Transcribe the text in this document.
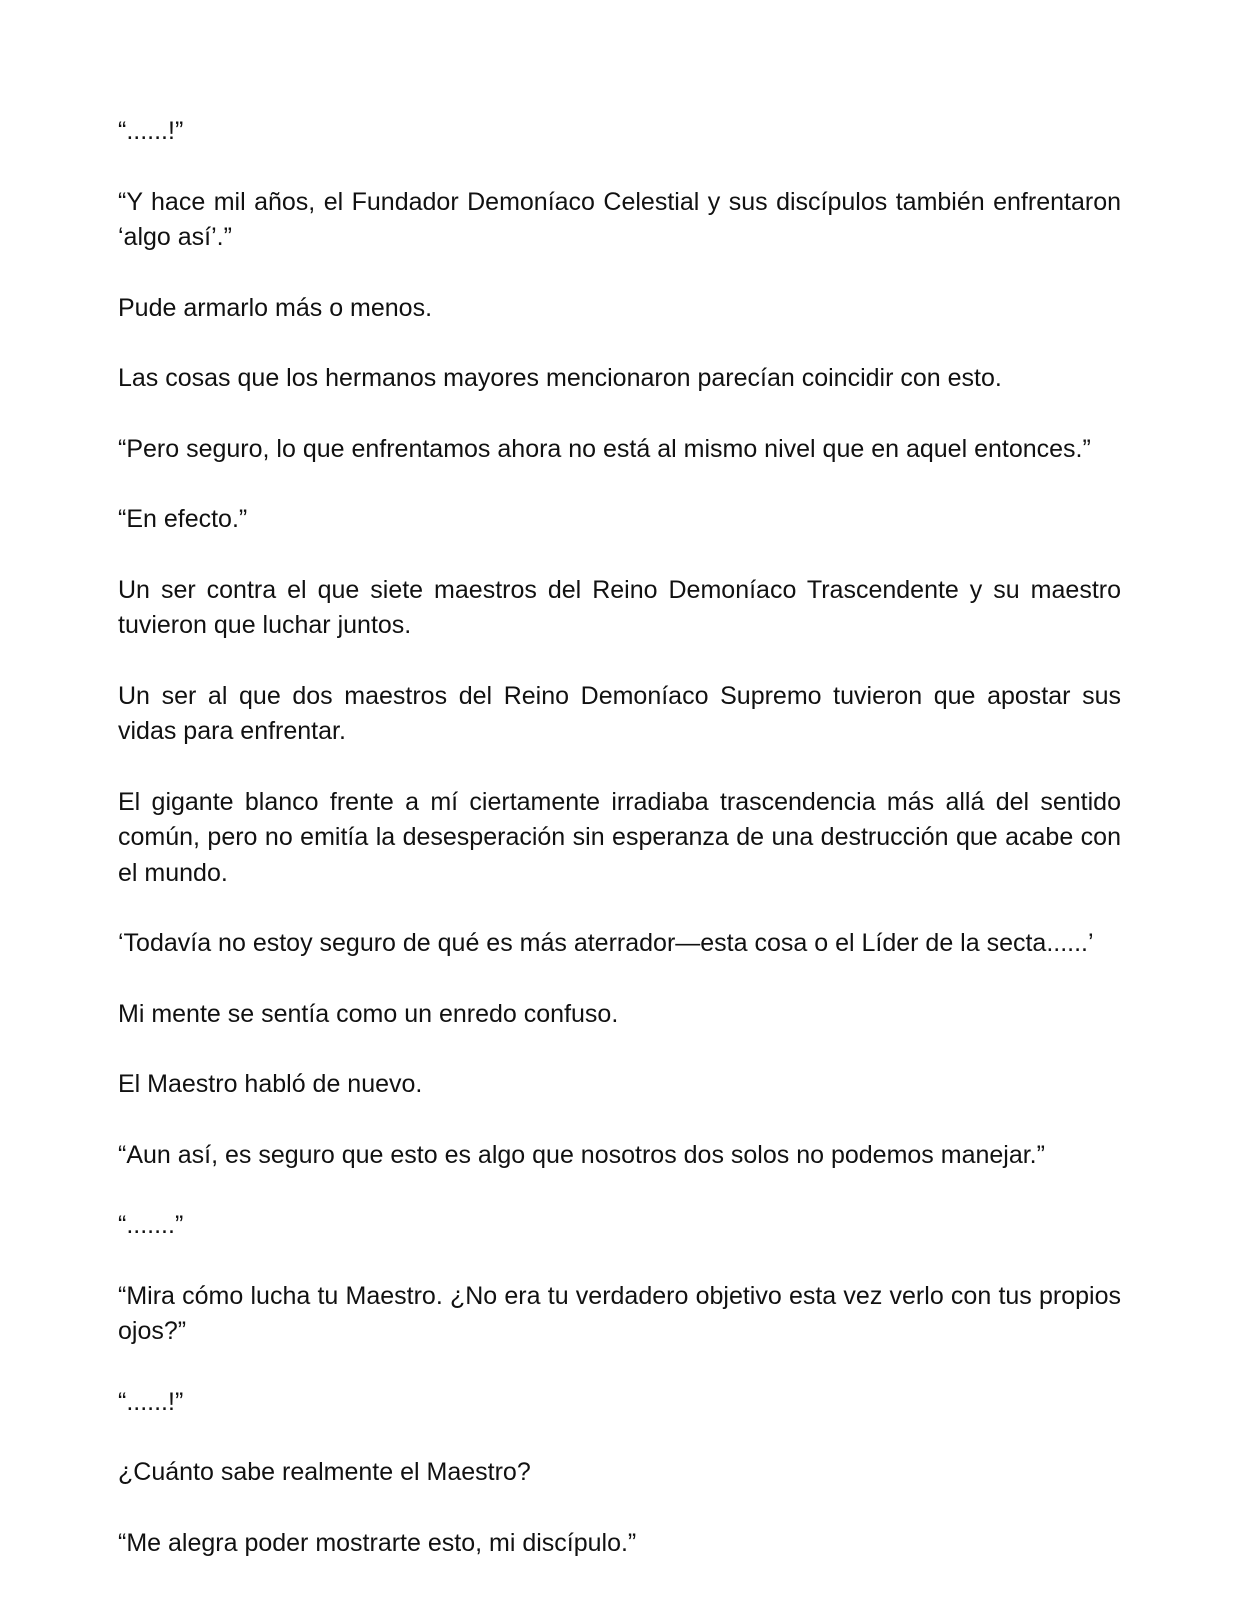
“......!”

“Y hace mil años, el Fundador Demoníaco Celestial y sus discípulos también enfrentaron ‘algo así’.”

Pude armarlo más o menos.

Las cosas que los hermanos mayores mencionaron parecían coincidir con esto.

“Pero seguro, lo que enfrentamos ahora no está al mismo nivel que en aquel entonces.”

“En efecto.”

Un ser contra el que siete maestros del Reino Demoníaco Trascendente y su maestro tuvieron que luchar juntos.

Un ser al que dos maestros del Reino Demoníaco Supremo tuvieron que apostar sus vidas para enfrentar.

El gigante blanco frente a mí ciertamente irradiaba trascendencia más allá del sentido común, pero no emitía la desesperación sin esperanza de una destrucción que acabe con el mundo.

‘Todavía no estoy seguro de qué es más aterrador—esta cosa o el Líder de la secta......’

Mi mente se sentía como un enredo confuso.

El Maestro habló de nuevo.

“Aun así, es seguro que esto es algo que nosotros dos solos no podemos manejar.”

“.......”

“Mira cómo lucha tu Maestro. ¿No era tu verdadero objetivo esta vez verlo con tus propios ojos?”

“......!”

¿Cuánto sabe realmente el Maestro?

“Me alegra poder mostrarte esto, mi discípulo.”
